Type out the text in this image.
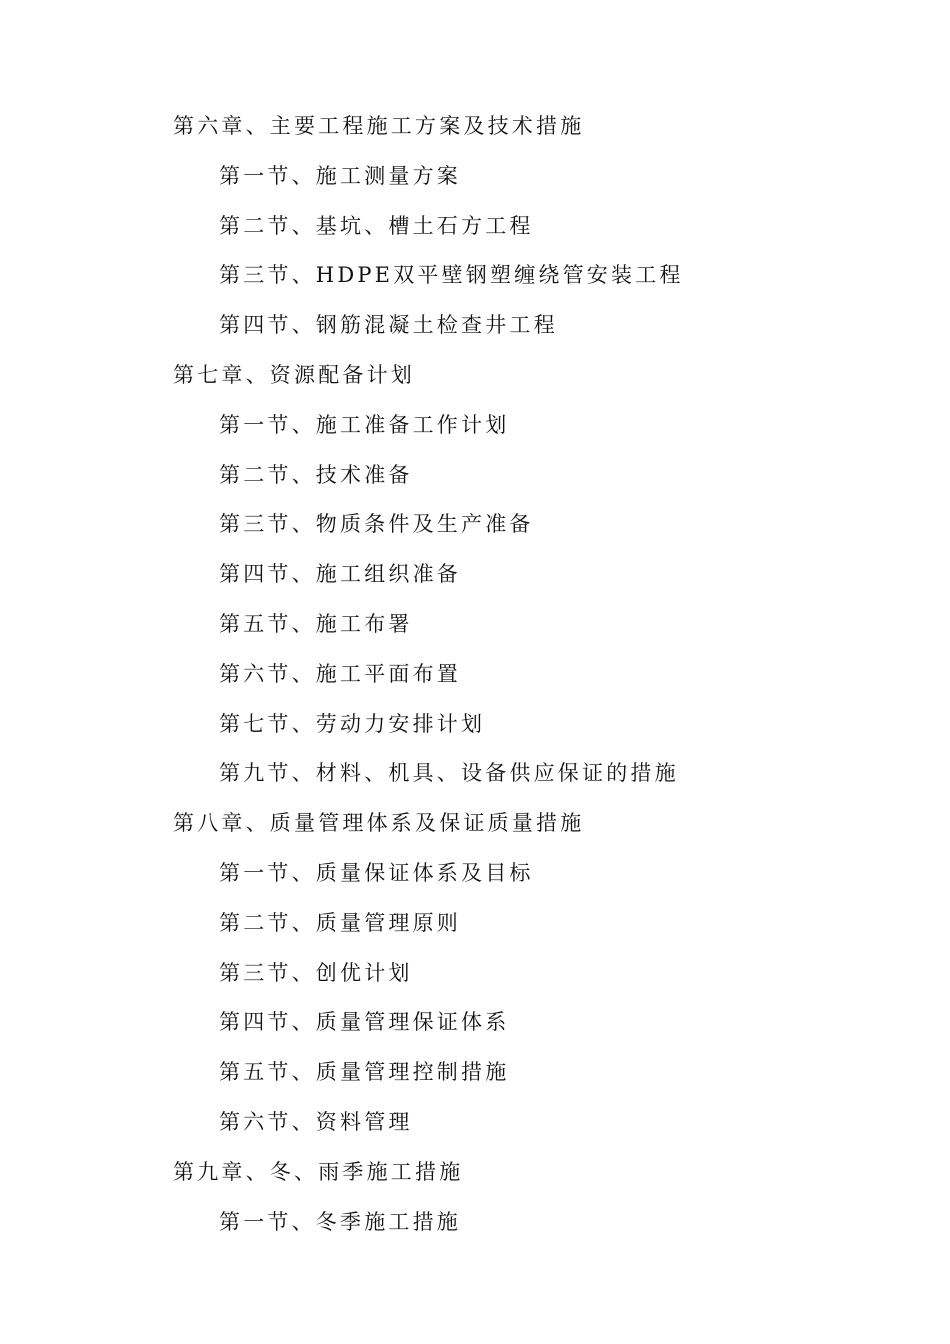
第六章、主要工程施工方案及技术措施
第一节、施工测量方案
第二节、基坑、槽土石方工程
第三节、HDPE双平壁钢塑缠绕管安装工程
第四节、钢筋混凝土检查井工程
第七章、资源配备计划
第一节、施工准备工作计划
第二节、技术准备
第三节、物质条件及生产准备
第四节、施工组织准备
第五节、施工布署
第六节、施工平面布置
第七节、劳动力安排计划
第九节、材料、机具、设备供应保证的措施
第八章、质量管理体系及保证质量措施
第一节、质量保证体系及目标
第二节、质量管理原则
第三节、创优计划
第四节、质量管理保证体系
第五节、质量管理控制措施
第六节、资料管理
第九章、冬、雨季施工措施
第一节、冬季施工措施
